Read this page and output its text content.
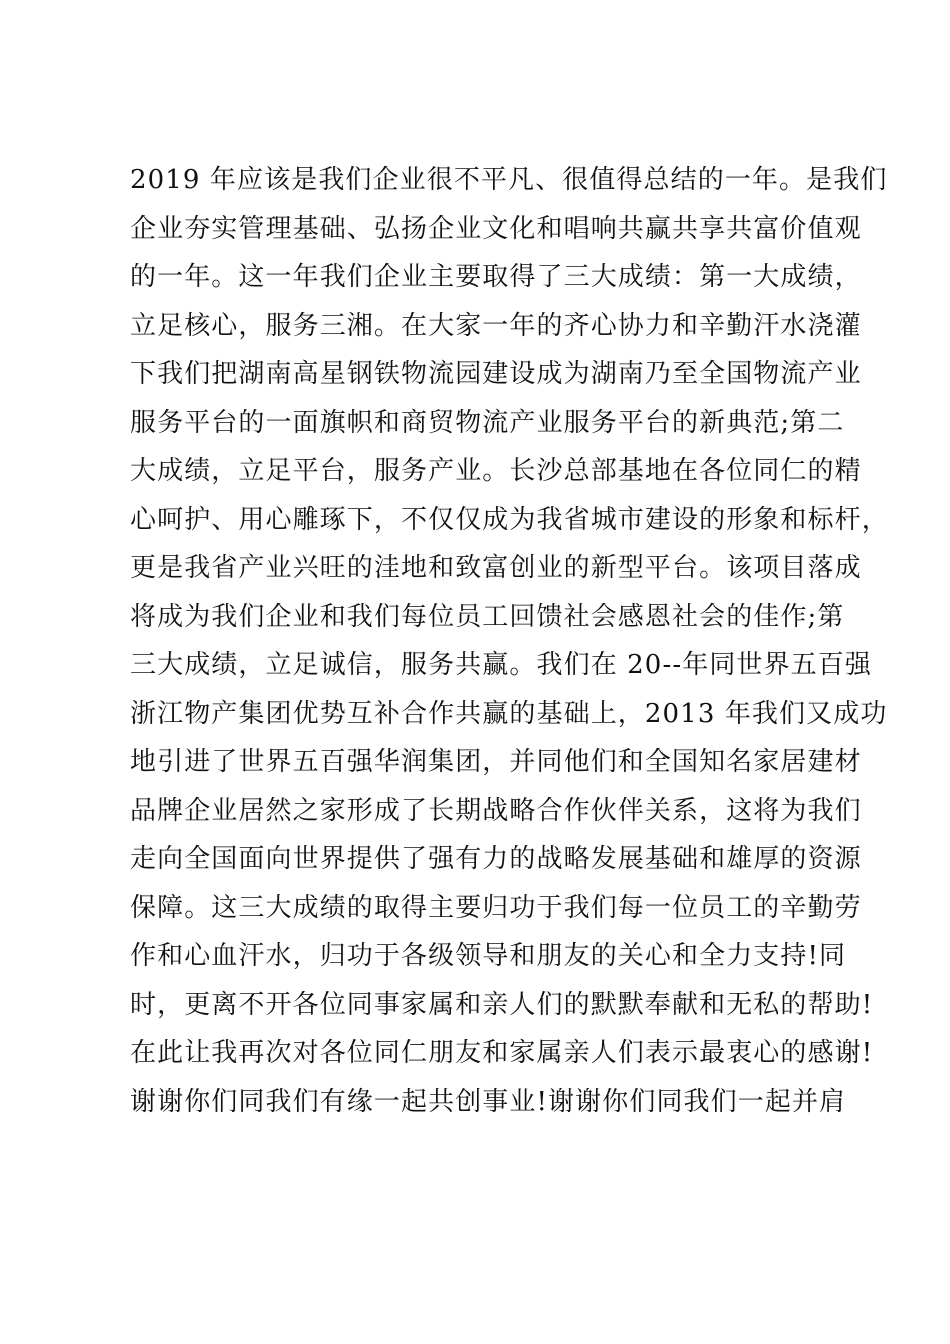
2019 年应该是我们企业很不平凡、很值得总结的一年。是我们
企业夯实管理基础、弘扬企业文化和唱响共赢共享共富价值观
的一年。这一年我们企业主要取得了三大成绩：第一大成绩，
立足核心，服务三湘。在大家一年的齐心协力和辛勤汗水浇灌
下我们把湖南高星钢铁物流园建设成为湖南乃至全国物流产业
服务平台的一面旗帜和商贸物流产业服务平台的新典范;第二
大成绩，立足平台，服务产业。长沙总部基地在各位同仁的精
心呵护、用心雕琢下，不仅仅成为我省城市建设的形象和标杆，
更是我省产业兴旺的洼地和致富创业的新型平台。该项目落成
将成为我们企业和我们每位员工回馈社会感恩社会的佳作;第
三大成绩，立足诚信，服务共赢。我们在 20--年同世界五百强
浙江物产集团优势互补合作共赢的基础上，2013 年我们又成功
地引进了世界五百强华润集团，并同他们和全国知名家居建材
品牌企业居然之家形成了长期战略合作伙伴关系，这将为我们
走向全国面向世界提供了强有力的战略发展基础和雄厚的资源
保障。这三大成绩的取得主要归功于我们每一位员工的辛勤劳
作和心血汗水，归功于各级领导和朋友的关心和全力支持!同
时，更离不开各位同事家属和亲人们的默默奉献和无私的帮助!
在此让我再次对各位同仁朋友和家属亲人们表示最衷心的感谢!
谢谢你们同我们有缘一起共创事业!谢谢你们同我们一起并肩
